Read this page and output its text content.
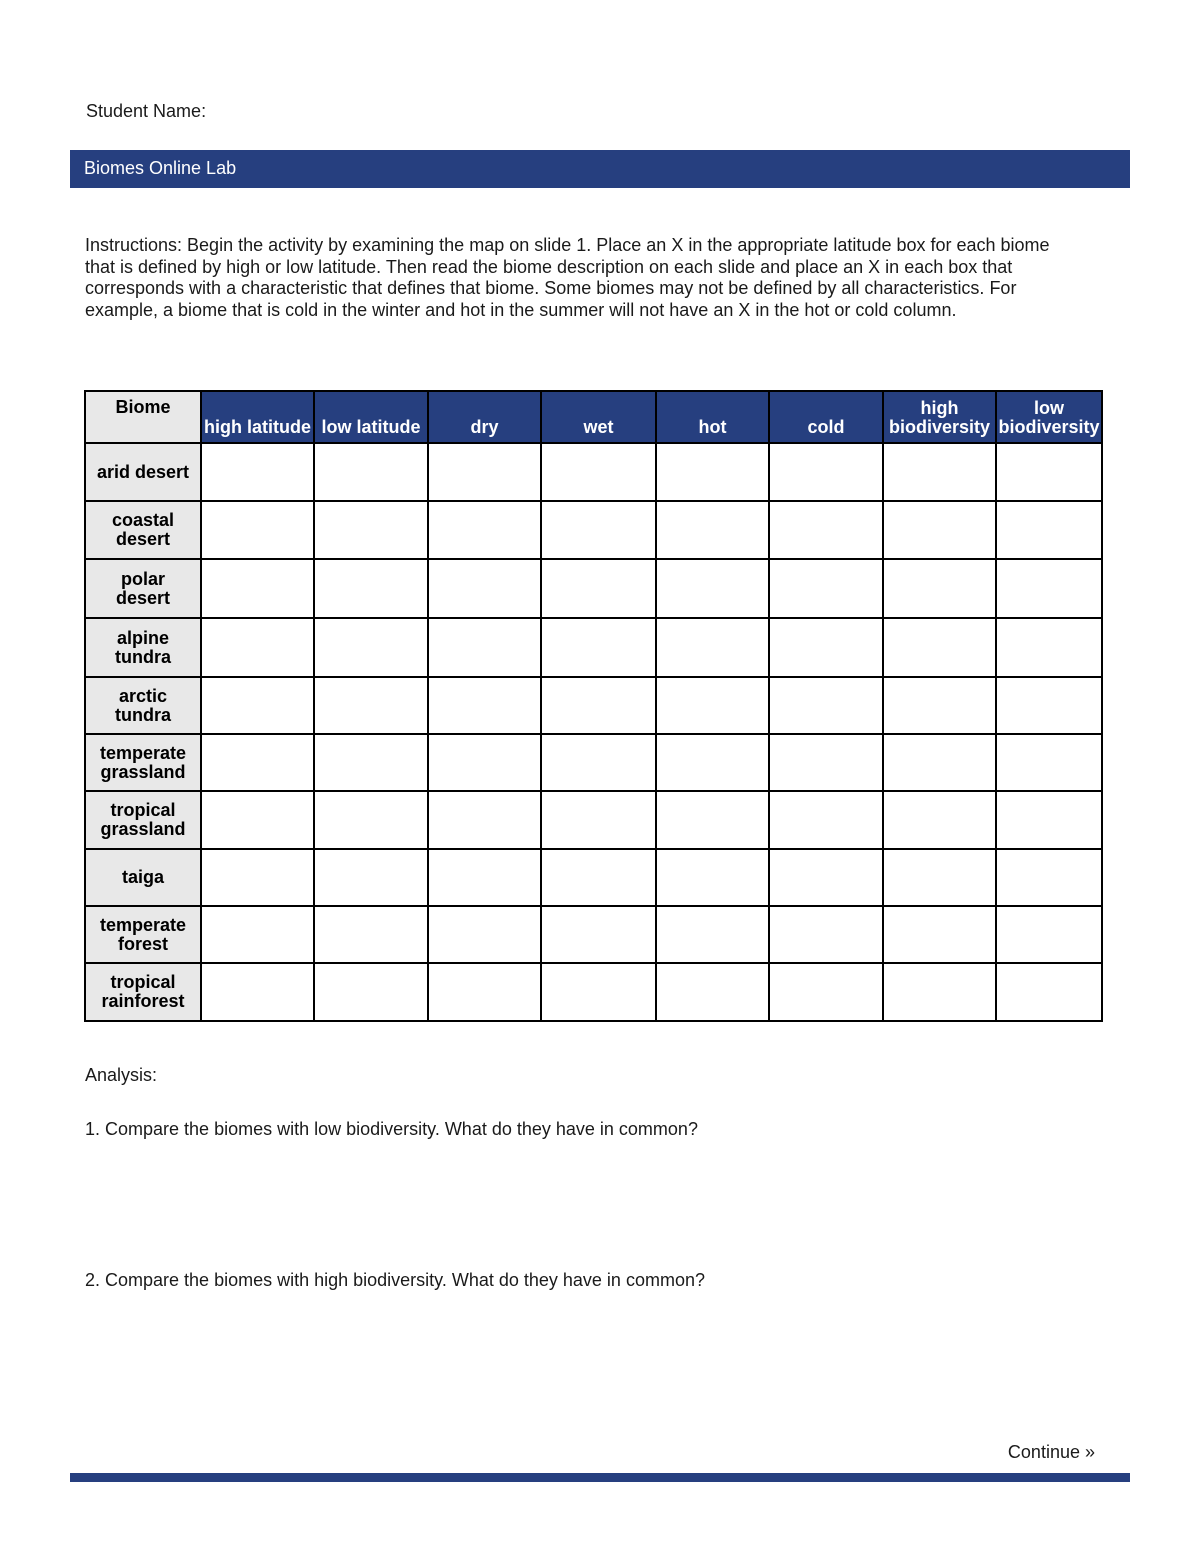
Student Name:
Biomes Online Lab
Instructions: Begin the activity by examining the map on slide 1. Place an X in the appropriate latitude box for each biome that is defined by high or low latitude. Then read the biome description on each slide and place an X in each box that corresponds with a characteristic that defines that biome. Some biomes may not be defined by all characteristics. For example, a biome that is cold in the winter and hot in the summer will not have an X in the hot or cold column.
Biome	high latitude	low latitude	dry	wet	hot	cold	high biodiversity	low biodiversity
arid desert								
coastal desert								
polar desert								
alpine tundra								
arctic tundra								
temperate grassland								
tropical grassland								
taiga								
temperate forest								
tropical rainforest								
Analysis:
1. Compare the biomes with low biodiversity. What do they have in common?
2. Compare the biomes with high biodiversity. What do they have in common?
Continue »
